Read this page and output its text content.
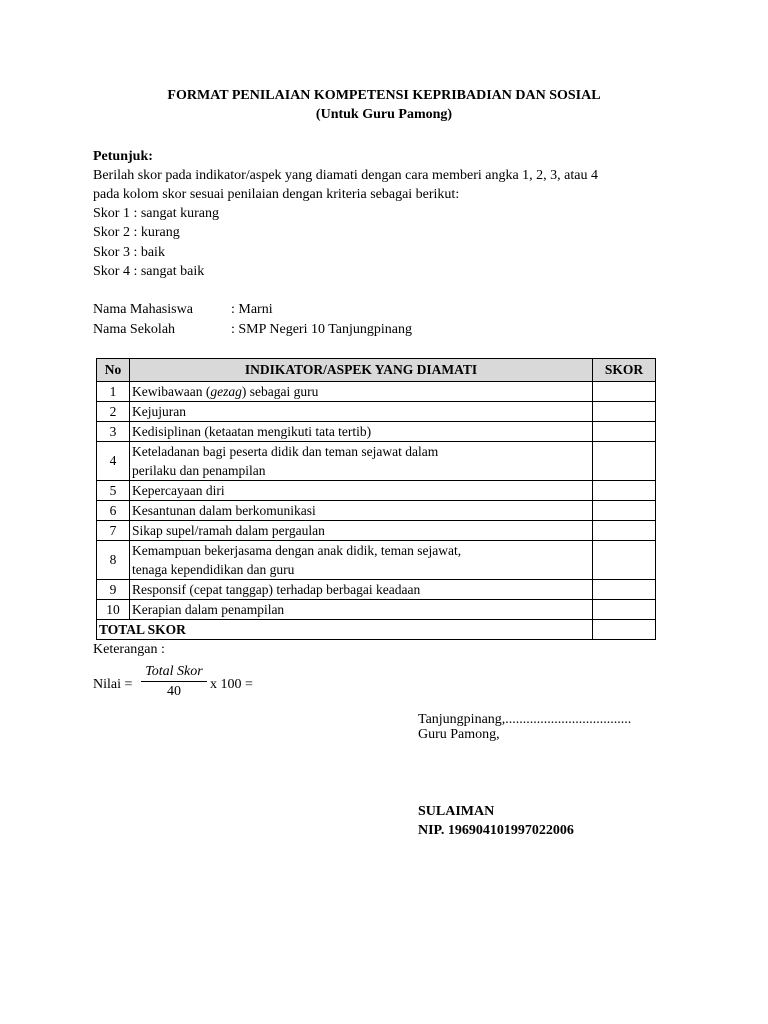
FORMAT PENILAIAN KOMPETENSI KEPRIBADIAN DAN SOSIAL
(Untuk Guru Pamong)
Petunjuk:
Berilah skor pada indikator/aspek yang diamati dengan cara memberi angka 1, 2, 3, atau 4
pada kolom skor sesuai penilaian dengan kriteria sebagai berikut:
Skor 1 : sangat kurang
Skor 2 : kurang
Skor 3 : baik
Skor 4 : sangat baik
Nama Mahasiswa	: Marni
Nama Sekolah	: SMP Negeri 10 Tanjungpinang
No	INDIKATOR/ASPEK YANG DIAMATI	SKOR
1	Kewibawaan (gezag) sebagai guru	
2	Kejujuran	
3	Kedisiplinan (ketaatan mengikuti tata tertib)	
4	Keteladanan bagi peserta didik dan teman sejawat dalam
perilaku dan penampilan	

5	Kepercayaan diri	
6	Kesantunan dalam berkomunikasi	
7	Sikap supel/ramah dalam pergaulan	
8	Kemampuan bekerjasama dengan anak didik, teman sejawat,
tenaga kependidikan dan guru	

9	Responsif (cepat tanggap) terhadap berbagai keadaan	
10	Kerapian dalam penampilan	
TOTAL SKOR		
Keterangan :
Nilai =
Total Skor
40	x 100 =
Tanjungpinang,....................................
Guru Pamong,
SULAIMAN
NIP. 196904101997022006
